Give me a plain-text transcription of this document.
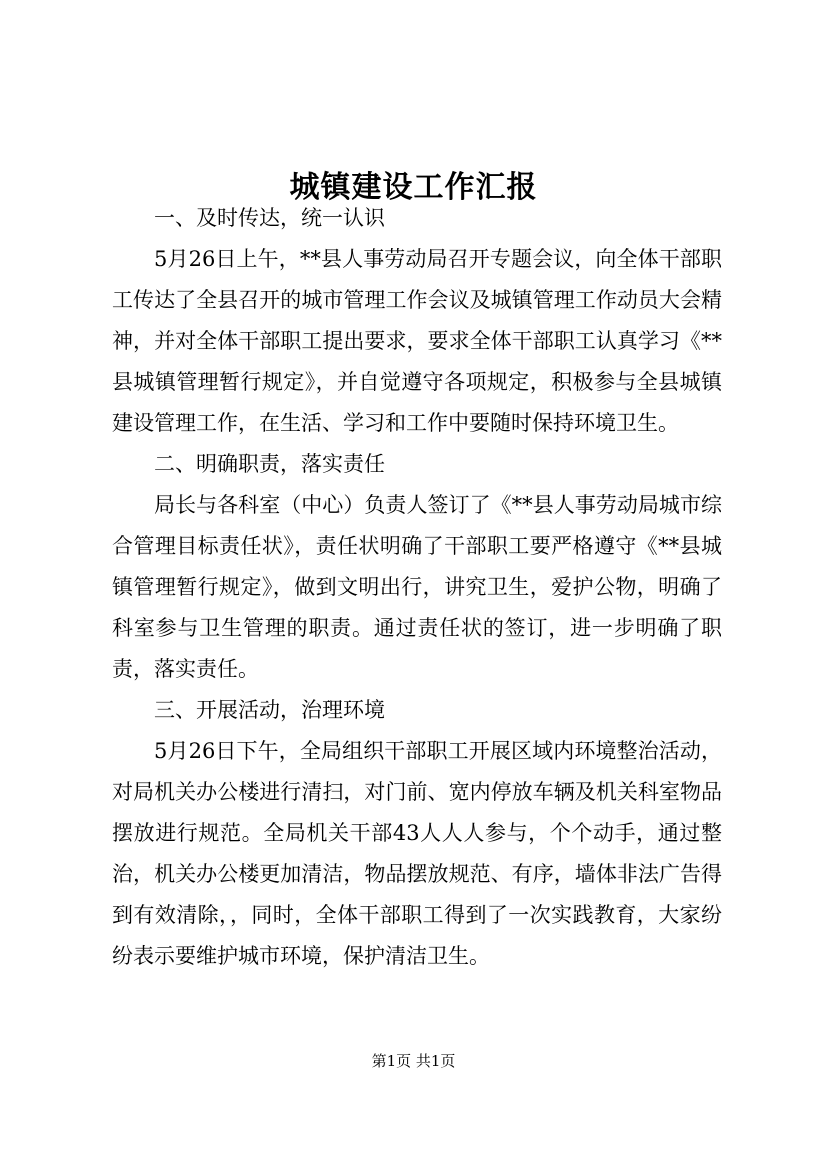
城镇建设工作汇报

一、及时传达，统一认识

5月26日上午，**县人事劳动局召开专题会议，向全体干部职工传达了全县召开的城市管理工作会议及城镇管理工作动员大会精神，并对全体干部职工提出要求，要求全体干部职工认真学习《**县城镇管理暂行规定》，并自觉遵守各项规定，积极参与全县城镇建设管理工作，在生活、学习和工作中要随时保持环境卫生。

二、明确职责，落实责任

局长与各科室（中心）负责人签订了《**县人事劳动局城市综合管理目标责任状》，责任状明确了干部职工要严格遵守《**县城镇管理暂行规定》，做到文明出行，讲究卫生，爱护公物，明确了科室参与卫生管理的职责。通过责任状的签订，进一步明确了职责，落实责任。

三、开展活动，治理环境

5月26日下午，全局组织干部职工开展区域内环境整治活动，对局机关办公楼进行清扫，对门前、宽内停放车辆及机关科室物品摆放进行规范。全局机关干部43人人人参与，个个动手，通过整治，机关办公楼更加清洁，物品摆放规范、有序，墙体非法广告得到有效清除，，同时，全体干部职工得到了一次实践教育，大家纷纷表示要维护城市环境，保护清洁卫生。

第1页 共1页
